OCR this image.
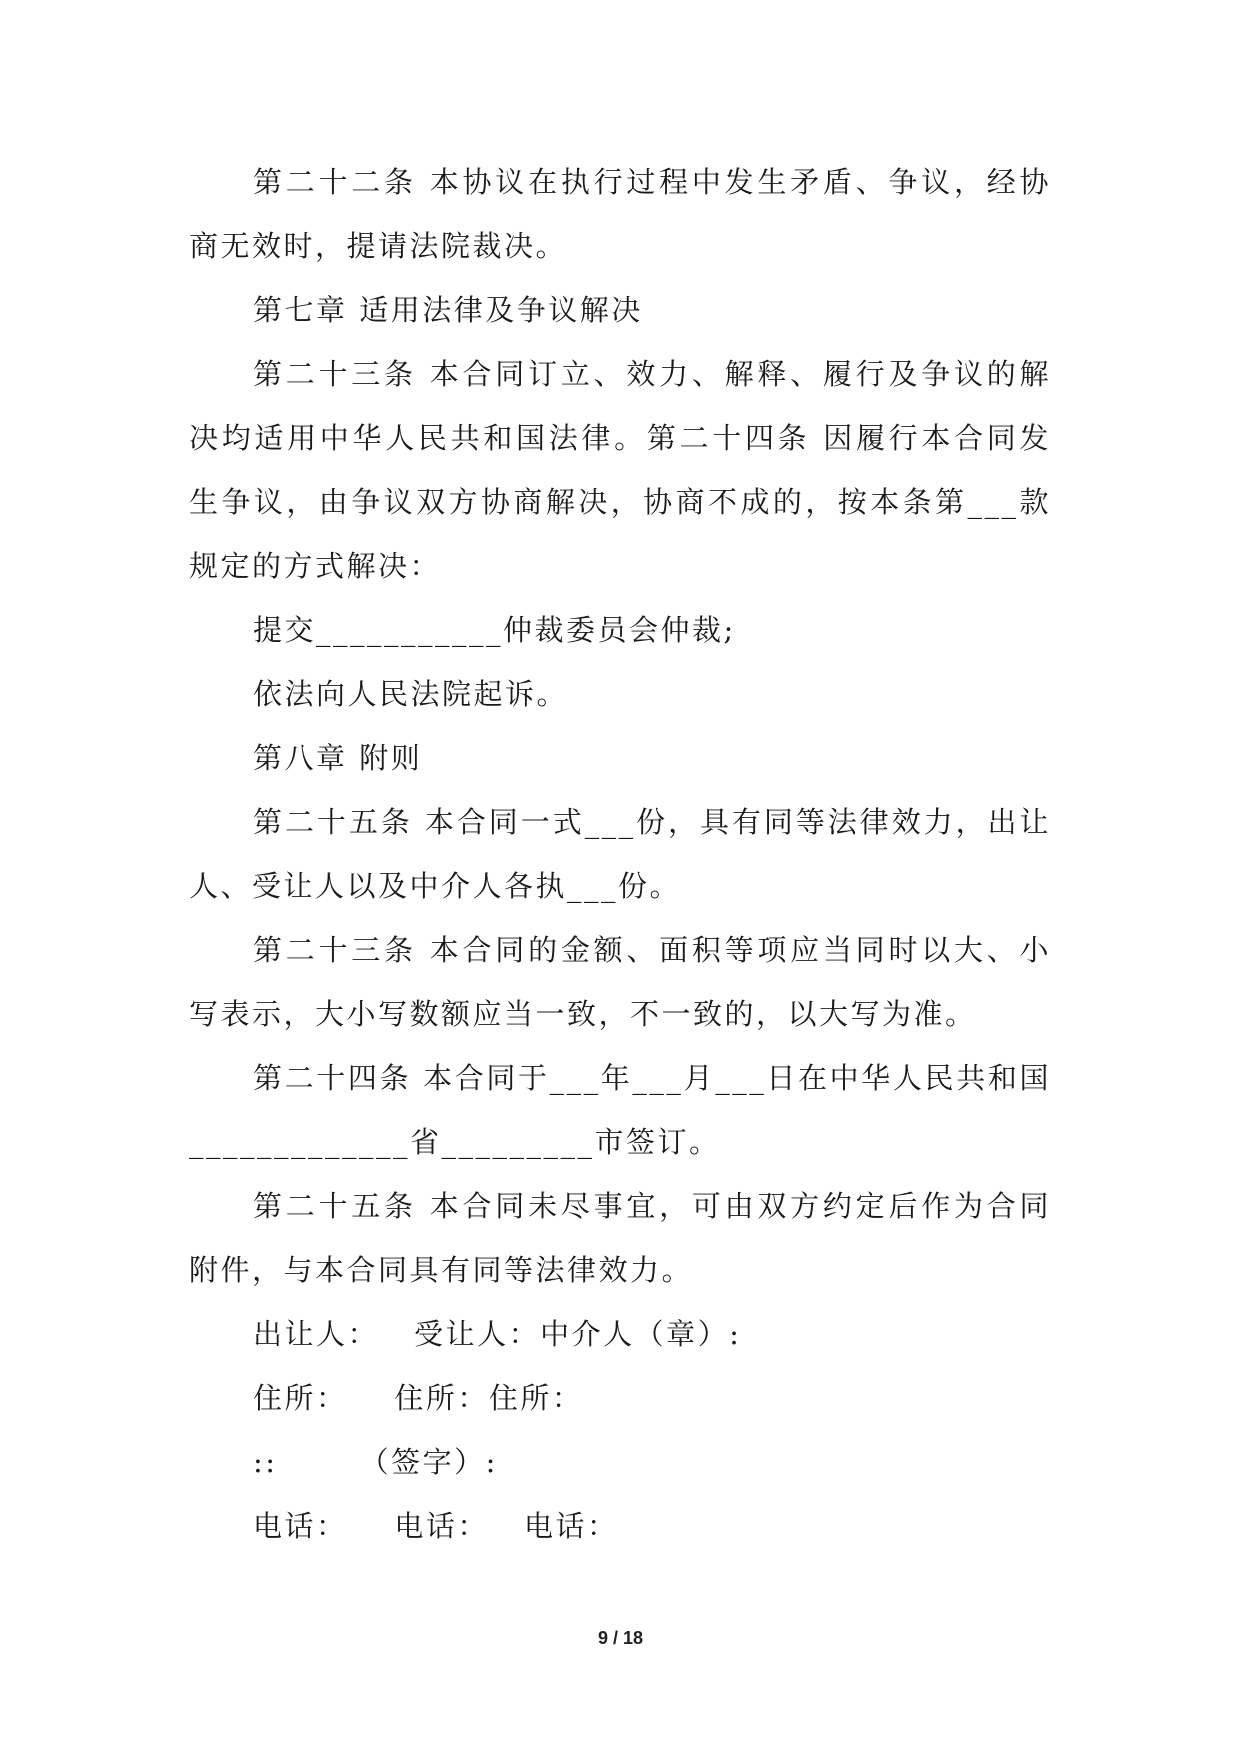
第二十二条 本协议在执行过程中发生矛盾、争议，经协商无效时，提请法院裁决。

第七章 适用法律及争议解决

第二十三条 本合同订立、效力、解释、履行及争议的解决均适用中华人民共和国法律。第二十四条 因履行本合同发生争议，由争议双方协商解决，协商不成的，按本条第___款规定的方式解决：

提交___________仲裁委员会仲裁;

依法向人民法院起诉。

第八章 附则

第二十五条 本合同一式___份，具有同等法律效力，出让人、受让人以及中介人各执___份。

第二十三条 本合同的金额、面积等项应当同时以大、小写表示，大小写数额应当一致，不一致的，以大写为准。

第二十四条 本合同于___年___月___日在中华人民共和国_____________省_________市签订。

第二十五条 本合同未尽事宜，可由双方约定后作为合同附件，与本合同具有同等法律效力。

出让人：   受让人：中介人（章）:

住所：    住所：住所：

::       （签字）:

电话：    电话：   电话：

9 / 18
